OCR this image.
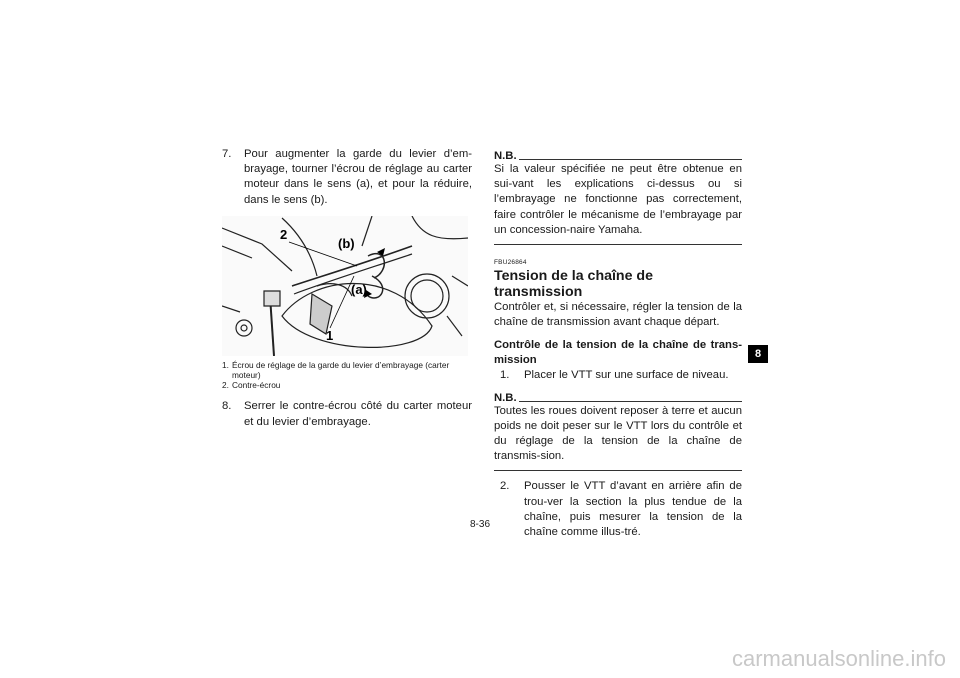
7. Pour augmenter la garde du levier d’em-brayage, tourner l’écrou de réglage au carter moteur dans le sens (a), et pour la réduire, dans le sens (b).
2
(b)
(a)
1
1. Écrou de réglage de la garde du levier d’embrayage (carter moteur)
2. Contre-écrou
8. Serrer le contre-écrou côté du carter moteur et du levier d’embrayage.
N.B.

Si la valeur spécifiée ne peut être obtenue en sui-vant les explications ci-dessus ou si l’embrayage ne fonctionne pas correctement, faire contrôler le mécanisme de l’embrayage par un concession-naire Yamaha.

FBU26864
Tension de la chaîne de transmission

Contrôler et, si nécessaire, régler la tension de la chaîne de transmission avant chaque départ.

Contrôle de la tension de la chaîne de trans-mission
1. Placer le VTT sur une surface de niveau.
N.B.

Toutes les roues doivent reposer à terre et aucun poids ne doit peser sur le VTT lors du contrôle et du réglage de la tension de la chaîne de transmis-sion.

2. Pousser le VTT d’avant en arrière afin de trou-ver la section la plus tendue de la chaîne, puis mesurer la tension de la chaîne comme illus-tré.
8-36
8
carmanualsonline.info
